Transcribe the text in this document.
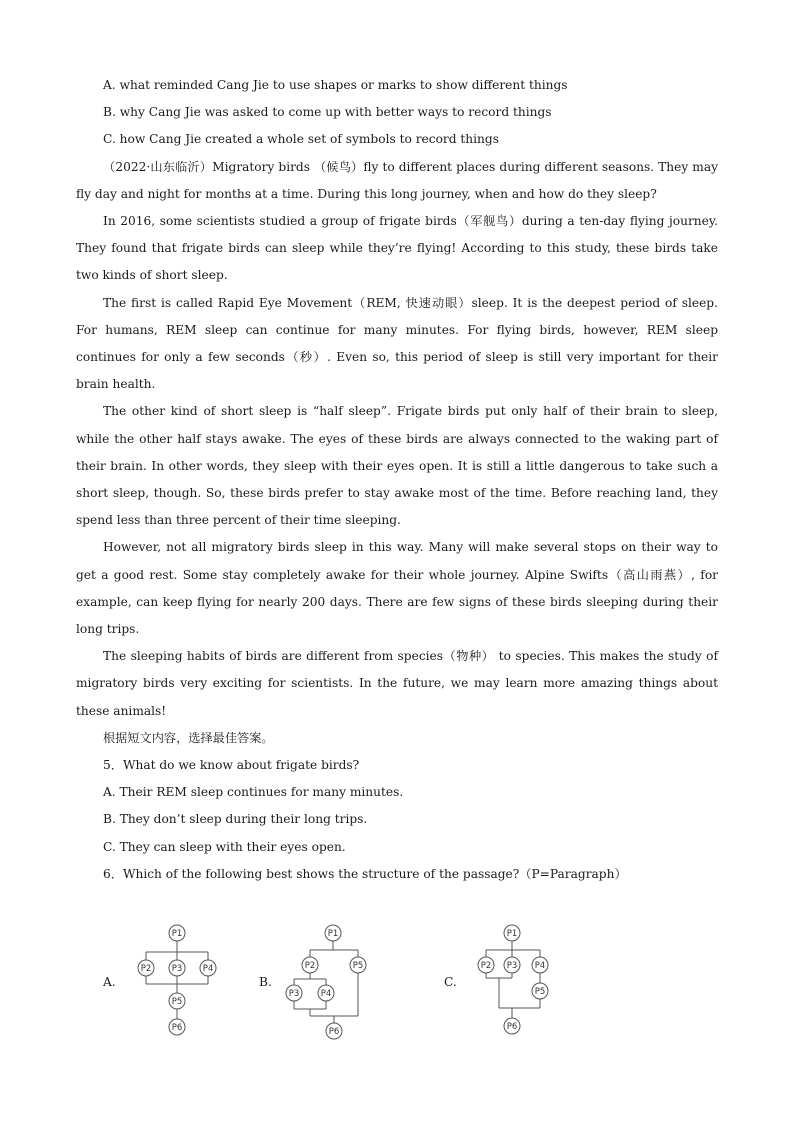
A. what reminded Cang Jie to use shapes or marks to show different things

B. why Cang Jie was asked to come up with better ways to record things

C. how Cang Jie created a whole set of symbols to record things

（2022·山东临沂）Migratory birds （候鸟）fly to different places during different seasons. They may fly day and night for months at a time. During this long journey, when and how do they sleep?

In 2016, some scientists studied a group of frigate birds（军舰鸟）during a ten-day flying journey. They found that frigate birds can sleep while they’re flying! According to this study, these birds take two kinds of short sleep.

The first is called Rapid Eye Movement（REM, 快速动眼）sleep. It is the deepest period of sleep. For humans, REM sleep can continue for many minutes. For flying birds, however, REM sleep continues for only a few seconds（秒）. Even so, this period of sleep is still very important for their brain health.

The other kind of short sleep is “half sleep”. Frigate birds put only half of their brain to sleep, while the other half stays awake. The eyes of these birds are always connected to the waking part of their brain. In other words, they sleep with their eyes open. It is still a little dangerous to take such a short sleep, though. So, these birds prefer to stay awake most of the time. Before reaching land, they spend less than three percent of their time sleeping.

However, not all migratory birds sleep in this way. Many will make several stops on their way to get a good rest. Some stay completely awake for their whole journey. Alpine Swifts（高山雨燕）, for example, can keep flying for nearly 200 days. There are few signs of these birds sleeping during their long trips.

The sleeping habits of birds are different from species（物种） to species. This makes the study of migratory birds very exciting for scientists. In the future, we may learn more amazing things about these animals!

根据短文内容，选择最佳答案。

5．What do we know about frigate birds?

A. Their REM sleep continues for many minutes.

B. They don’t sleep during their long trips.

C. They can sleep with their eyes open.

6．Which of the following best shows the structure of the passage?（P=Paragraph）

A.	B.	C.
P1
P2 P3 P4
P5
P6
P1
P2	P5
P3	P4
P6
P1
P2 P3 P4
P5
P6
